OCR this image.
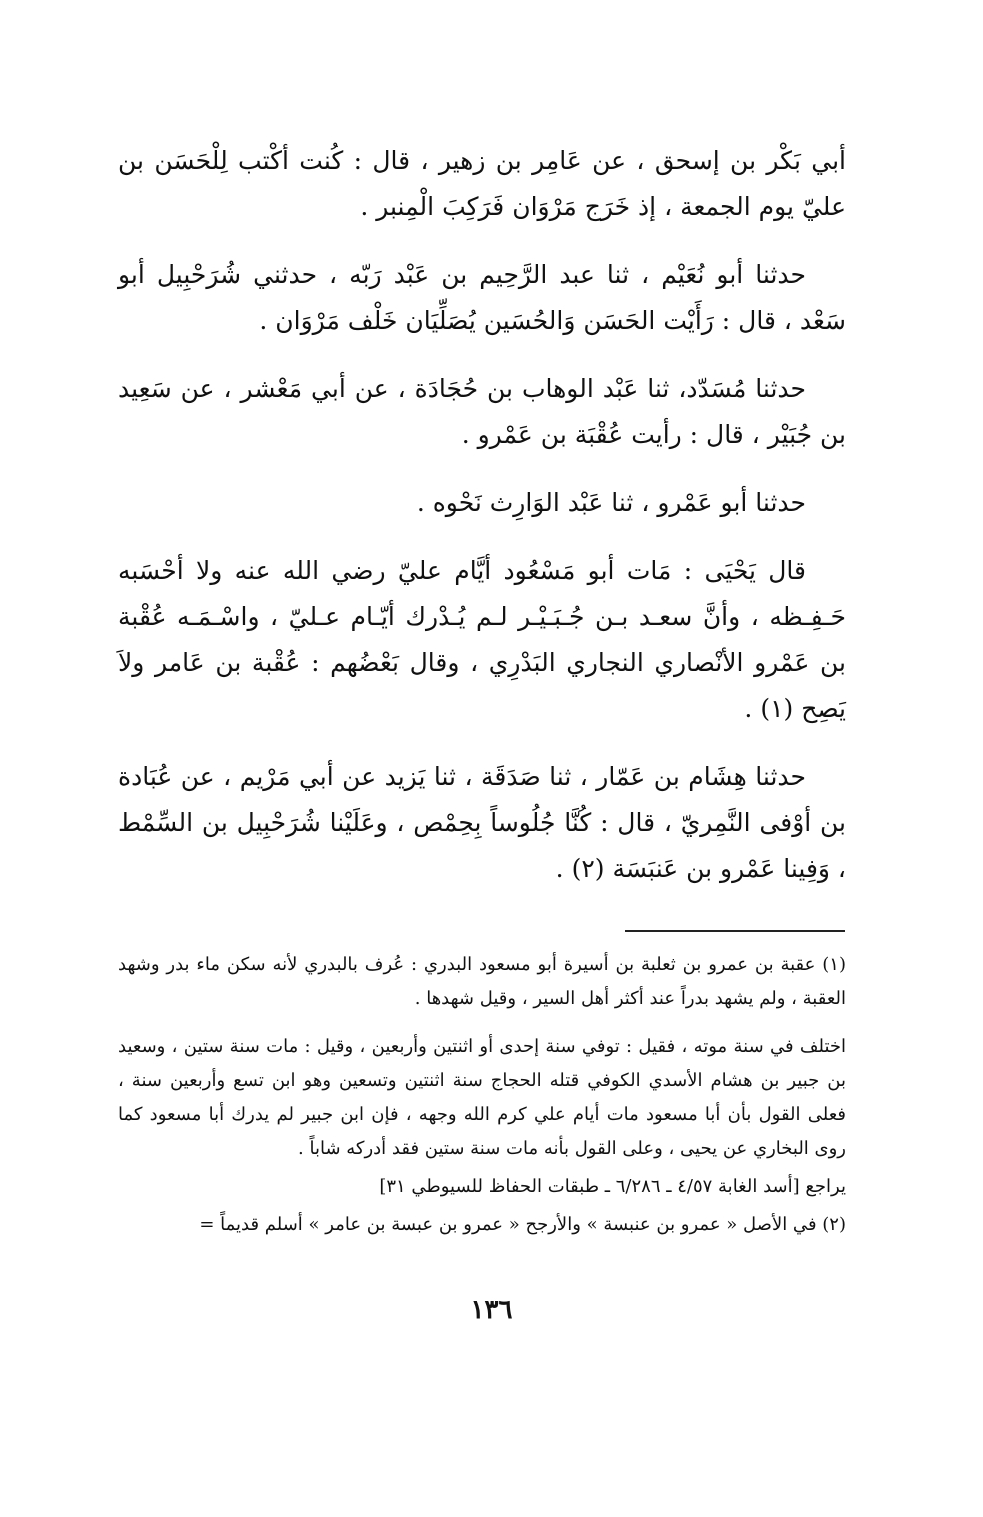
أبي بَكْر بن إسحق ، عن عَامِر بن زهير ، قال : كُنت أكْتب لِلْحَسَن بن عليّ يوم الجمعة ، إذ خَرَج مَرْوَان فَرَكِبَ الْمِنبر .

حدثنا أبو نُعَيْم ، ثنا عبد الرَّحِيم بن عَبْد رَبّه ، حدثني شُرَحْبِيل أبو سَعْد ، قال : رَأَيْت الحَسَن وَالحُسَين يُصَلِّيَان خَلْف مَرْوَان .

حدثنا مُسَدّد، ثنا عَبْد الوهاب بن حُجَادَة ، عن أبي مَعْشر ، عن سَعِيد بن جُبَيْر ، قال : رأيت عُقْبَة بن عَمْرو .

حدثنا أبو عَمْرو ، ثنا عَبْد الوَارِث نَحْوه .

قال يَحْيَى : مَات أبو مَسْعُود أيَّام عليّ رضي الله عنه ولا أحْسَبه حَـفِـظه ، وأنَّ سعـد بـن جُـبَـيْـر لـم يُـدْرك أيّـام عـليّ ، واسْـمَـه عُقْبة بن عَمْرو الأنْصاري النجاري البَدْرِي ، وقال بَعْضُهم : عُقْبة بن عَامر ولاَ يَصِح (١) .

حدثنا هِشَام بن عَمّار ، ثنا صَدَقَة ، ثنا يَزيد عن أبي مَرْيم ، عن عُبَادة بن أوْفى النَّمِريّ ، قال : كُنَّا جُلُوساً بِحِمْص ، وعَلَيْنا شُرَحْبِيل بن السِّمْط ، وَفِينا عَمْرو بن عَنبَسَة (٢) .

(١) عقبة بن عمرو بن ثعلبة بن أسيرة أبو مسعود البدري : عُرف بالبدري لأنه سكن ماء بدر وشهد العقبة ، ولم يشهد بدراً عند أكثر أهل السير ، وقيل شهدها .

اختلف في سنة موته ، فقيل : توفي سنة إحدى أو اثنتين وأربعين ، وقيل : مات سنة ستين ، وسعيد بن جبير بن هشام الأسدي الكوفي قتله الحجاج سنة اثنتين وتسعين وهو ابن تسع وأربعين سنة ، فعلى القول بأن أبا مسعود مات أيام علي كرم الله وجهه ، فإن ابن جبير لم يدرك أبا مسعود كما روى البخاري عن يحيى ، وعلى القول بأنه مات سنة ستين فقد أدركه شاباً .

يراجع [أسد الغابة ٤/٥٧ ـ ٦/٢٨٦ ـ طبقات الحفاظ للسيوطي ٣١]

(٢) في الأصل « عمرو بن عنبسة » والأرجح « عمرو بن عبسة بن عامر » أسلم قديماً =

١٣٦
